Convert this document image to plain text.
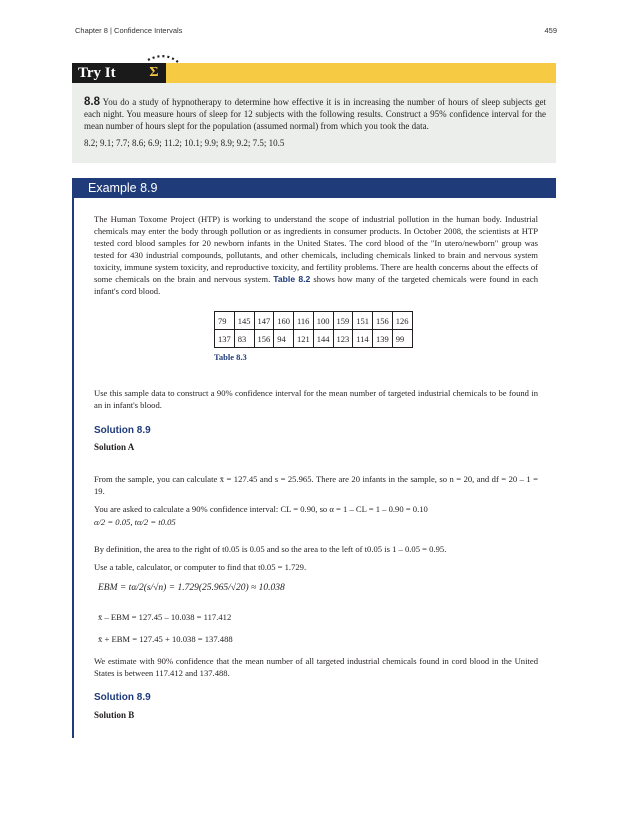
Chapter 8 | Confidence Intervals	459
Try It	Σ
8.8 You do a study of hypnotherapy to determine how effective it is in increasing the number of hours of sleep subjects get each night. You measure hours of sleep for 12 subjects with the following results. Construct a 95% confidence interval for the mean number of hours slept for the population (assumed normal) from which you took the data.
8.2; 9.1; 7.7; 8.6; 6.9; 11.2; 10.1; 9.9; 8.9; 9.2; 7.5; 10.5
Example 8.9
The Human Toxome Project (HTP) is working to understand the scope of industrial pollution in the human body. Industrial chemicals may enter the body through pollution or as ingredients in consumer products. In October 2008, the scientists at HTP tested cord blood samples for 20 newborn infants in the United States. The cord blood of the "In utero/newborn" group was tested for 430 industrial compounds, pollutants, and other chemicals, including chemicals linked to brain and nervous system toxicity, immune system toxicity, and reproductive toxicity, and fertility problems. There are health concerns about the effects of some chemicals on the brain and nervous system. Table 8.2 shows how many of the targeted chemicals were found in each infant's cord blood.
79	145	147	160	116	100	159	151	156	126
137	83	156	94	121	144	123	114	139	99
Table 8.3
Use this sample data to construct a 90% confidence interval for the mean number of targeted industrial chemicals to be found in an in infant's blood.
Solution 8.9
Solution A
From the sample, you can calculate x̄ = 127.45 and s = 25.965. There are 20 infants in the sample, so n = 20, and df = 20 – 1 = 19.
You are asked to calculate a 90% confidence interval: CL = 0.90, so α = 1 – CL = 1 – 0.90 = 0.10
α/2 = 0.05, tα/2 = t0.05
By definition, the area to the right of t0.05 is 0.05 and so the area to the left of t0.05 is 1 – 0.05 = 0.95.
Use a table, calculator, or computer to find that t0.05 = 1.729.
EBM = tα/2(s/√n) = 1.729(25.965/√20) ≈ 10.038
x̄ – EBM = 127.45 – 10.038 = 117.412
x̄ + EBM = 127.45 + 10.038 = 137.488
We estimate with 90% confidence that the mean number of all targeted industrial chemicals found in cord blood in the United States is between 117.412 and 137.488.
Solution 8.9
Solution B
